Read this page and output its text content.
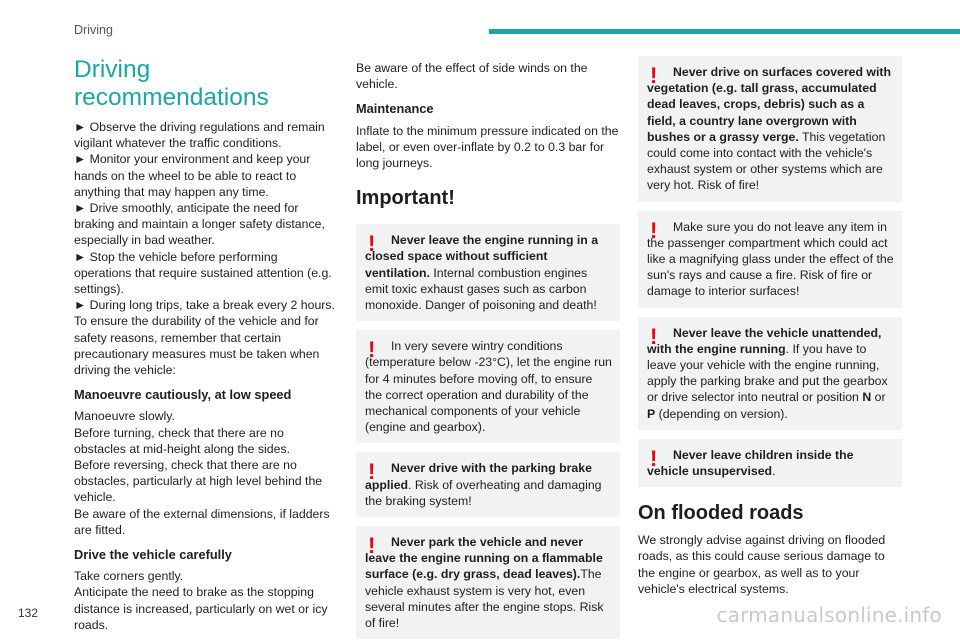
Driving
Driving recommendations

► Observe the driving regulations and remain vigilant whatever the traffic conditions.

► Monitor your environment and keep your hands on the wheel to be able to react to anything that may happen any time.

► Drive smoothly, anticipate the need for braking and maintain a longer safety distance, especially in bad weather.

► Stop the vehicle before performing operations that require sustained attention (e.g. settings).

► During long trips, take a break every 2 hours.

To ensure the durability of the vehicle and for safety reasons, remember that certain precautionary measures must be taken when driving the vehicle:

Manoeuvre cautiously, at low speed

Manoeuvre slowly.

Before turning, check that there are no obstacles at mid-height along the sides.

Before reversing, check that there are no obstacles, particularly at high level behind the vehicle.

Be aware of the external dimensions, if ladders are fitted.

Drive the vehicle carefully

Take corners gently.

Anticipate the need to brake as the stopping distance is increased, particularly on wet or icy roads.

Be aware of the effect of side winds on the vehicle.

Maintenance

Inflate to the minimum pressure indicated on the label, or even over-inflate by 0.2 to 0.3 bar for long journeys.

Important!
!	Never leave the engine running in a closed space without sufficient ventilation. Internal combustion engines emit toxic exhaust gases such as carbon monoxide. Danger of poisoning and death!

!	In very severe wintry conditions (temperature below -23°C), let the engine run for 4 minutes before moving off, to ensure the correct operation and durability of the mechanical components of your vehicle (engine and gearbox).

!	Never drive with the parking brake applied. Risk of overheating and damaging the braking system!

!	Never park the vehicle and never leave the engine running on a flammable surface (e.g. dry grass, dead leaves).The vehicle exhaust system is very hot, even several minutes after the engine stops. Risk of fire!

!	Never drive on surfaces covered with vegetation (e.g. tall grass, accumulated dead leaves, crops, debris) such as a field, a country lane overgrown with bushes or a grassy verge. This vegetation could come into contact with the vehicle's exhaust system or other systems which are very hot. Risk of fire!

!	Make sure you do not leave any item in the passenger compartment which could act like a magnifying glass under the effect of the sun's rays and cause a fire. Risk of fire or damage to interior surfaces!

!	Never leave the vehicle unattended, with the engine running. If you have to leave your vehicle with the engine running, apply the parking brake and put the gearbox or drive selector into neutral or position N or P (depending on version).

!	Never leave children inside the vehicle unsupervised.

On flooded roads

We strongly advise against driving on flooded roads, as this could cause serious damage to the engine or gearbox, as well as to your vehicle's electrical systems.

132	carmanualsonline.info
